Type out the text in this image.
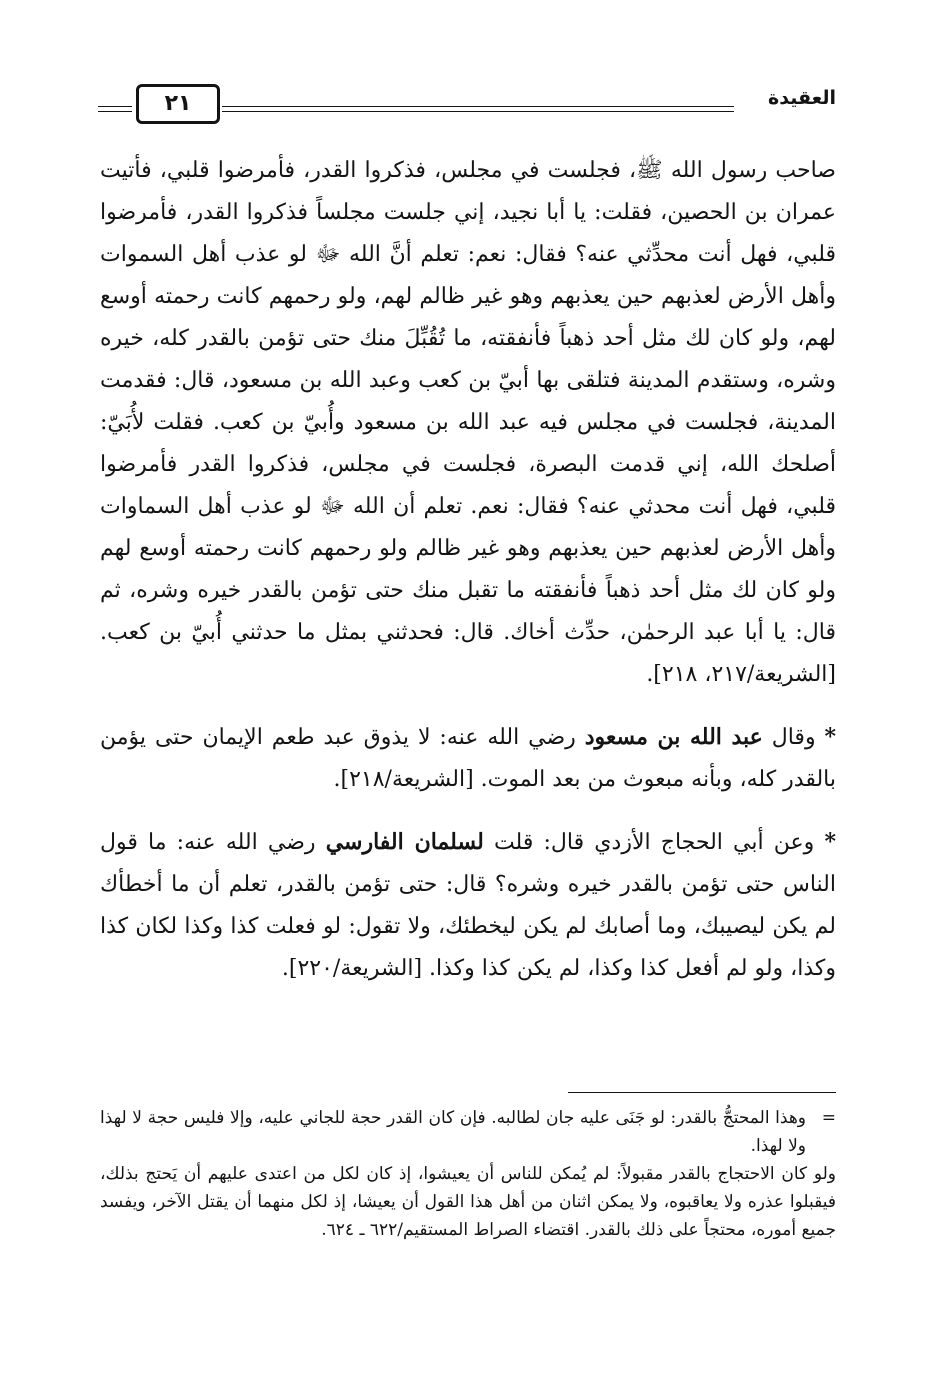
العقيدة
٢١

صاحب رسول الله ﷺ، فجلست في مجلس، فذكروا القدر، فأمرضوا قلبي، فأتيت عمران بن الحصين، فقلت: يا أبا نجيد، إني جلست مجلساً فذكروا القدر، فأمرضوا قلبي، فهل أنت محدِّثي عنه؟ فقال: نعم: تعلم أنَّ الله ﷻ لو عذب أهل السموات وأهل الأرض لعذبهم حين يعذبهم وهو غير ظالم لهم، ولو رحمهم كانت رحمته أوسع لهم، ولو كان لك مثل أحد ذهباً فأنفقته، ما تُقُبِّلَ منك حتى تؤمن بالقدر كله، خيره وشره، وستقدم المدينة فتلقى بها أبيّ بن كعب وعبد الله بن مسعود، قال: فقدمت المدينة، فجلست في مجلس فيه عبد الله بن مسعود وأُبيّ بن كعب. فقلت لأُبَيّ: أصلحك الله، إني قدمت البصرة، فجلست في مجلس، فذكروا القدر فأمرضوا قلبي، فهل أنت محدثي عنه؟ فقال: نعم. تعلم أن الله ﷻ لو عذب أهل السماوات وأهل الأرض لعذبهم حين يعذبهم وهو غير ظالم ولو رحمهم كانت رحمته أوسع لهم ولو كان لك مثل أحد ذهباً فأنفقته ما تقبل منك حتى تؤمن بالقدر خيره وشره، ثم قال: يا أبا عبد الرحمٰن، حدِّث أخاك. قال: فحدثني بمثل ما حدثني أُبيّ بن كعب. [الشريعة/٢١٧، ٢١٨].

* وقال عبد الله بن مسعود رضي الله عنه: لا يذوق عبد طعم الإيمان حتى يؤمن بالقدر كله، وبأنه مبعوث من بعد الموت. [الشريعة/٢١٨].

* وعن أبي الحجاج الأزدي قال: قلت لسلمان الفارسي رضي الله عنه: ما قول الناس حتى تؤمن بالقدر خيره وشره؟ قال: حتى تؤمن بالقدر، تعلم أن ما أخطأك لم يكن ليصيبك، وما أصابك لم يكن ليخطئك، ولا تقول: لو فعلت كذا وكذا لكان كذا وكذا، ولو لم أفعل كذا وكذا، لم يكن كذا وكذا. [الشريعة/٢٢٠].

=
وهذا المحتجُّ بالقدر: لو جَنَى عليه جان لطالبه. فإن كان القدر حجة للجاني عليه، وإلا فليس حجة لا لهذا ولا لهذا.

ولو كان الاحتجاج بالقدر مقبولاً: لم يُمكن للناس أن يعيشوا، إذ كان لكل من اعتدى عليهم أن يَحتج بذلك، فيقبلوا عذره ولا يعاقبوه، ولا يمكن اثنان من أهل هذا القول أن يعيشا، إذ لكل منهما أن يقتل الآخر، ويفسد جميع أموره، محتجاً على ذلك بالقدر. اقتضاء الصراط المستقيم/٦٢٢ ـ ٦٢٤.
